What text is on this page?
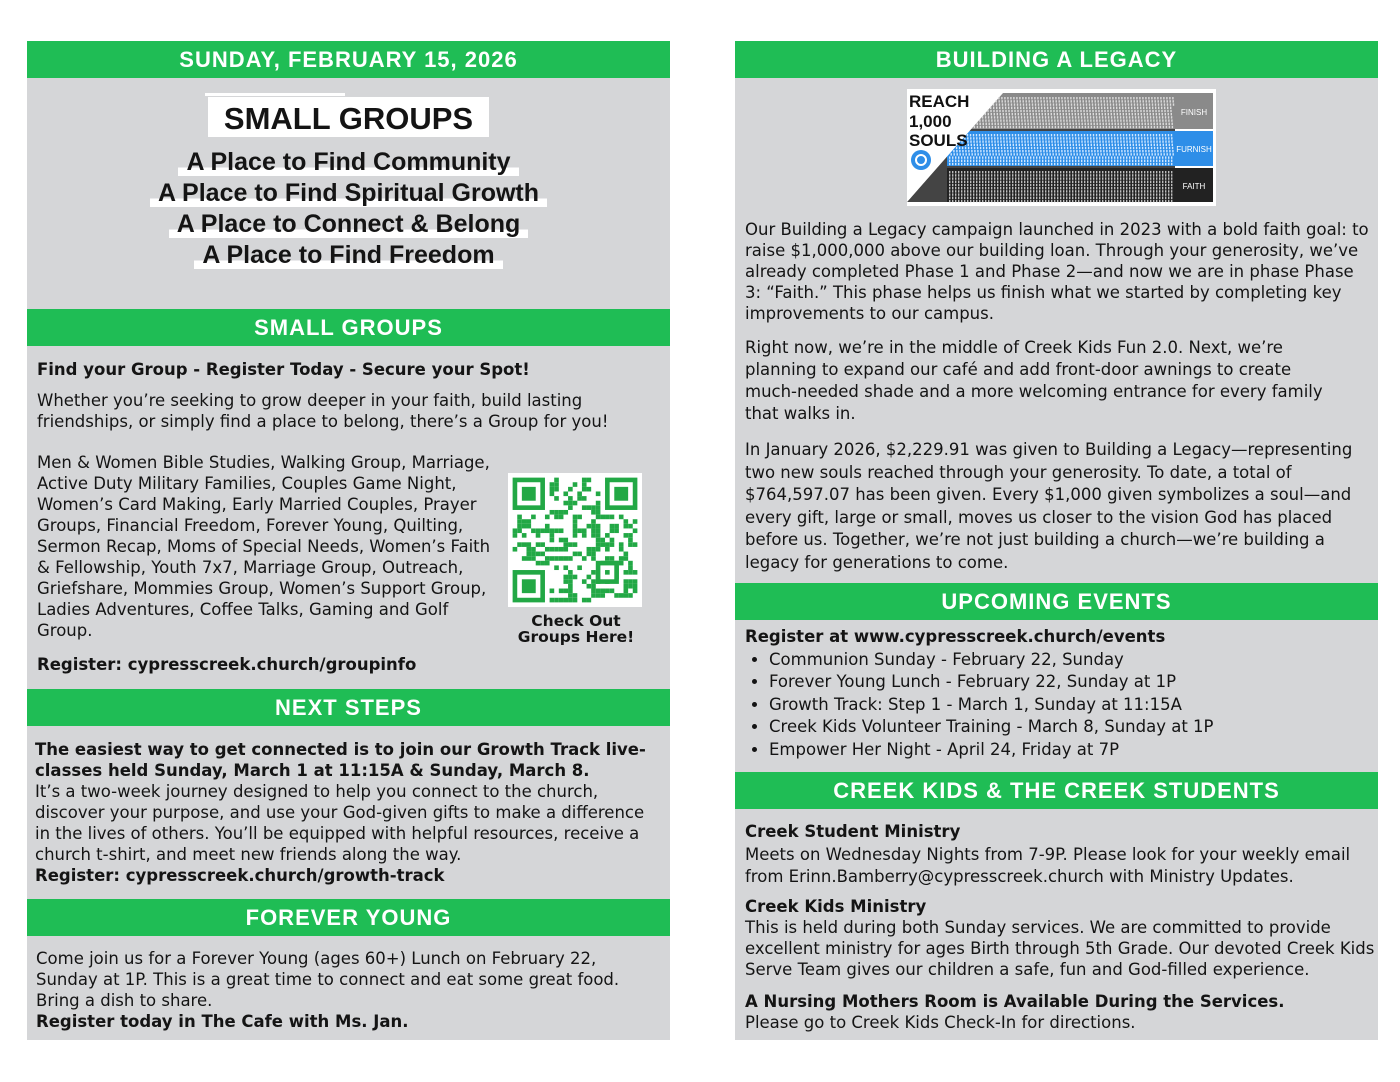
SUNDAY, FEBRUARY 15, 2026
SMALL GROUPS
A Place to Find Community
A Place to Find Spiritual Growth
A Place to Connect & Belong
A Place to Find Freedom
SMALL GROUPS
Find your Group - Register Today - Secure your Spot!
Whether you’re seeking to grow deeper in your faith, build lasting friendships, or simply find a place to belong, there’s a Group for you!
Men & Women Bible Studies, Walking Group, Marriage, Active Duty Military Families, Couples Game Night, Women’s Card Making, Early Married Couples, Prayer Groups, Financial Freedom, Forever Young, Quilting, Sermon Recap, Moms of Special Needs, Women’s Faith & Fellowship, Youth 7x7, Marriage Group, Outreach, Griefshare, Mommies Group, Women’s Support Group, Ladies Adventures, Coffee Talks, Gaming and Golf Group.	Check Out
Groups Here!
Register: cypresscreek.church/groupinfo
NEXT STEPS

The easiest way to get connected is to join our Growth Track live-classes held Sunday, March 1 at 11:15A & Sunday, March 8.

It’s a two-week journey designed to help you connect to the church, discover your purpose, and use your God-given gifts to make a difference in the lives of others. You’ll be equipped with helpful resources, receive a church t-shirt, and meet new friends along the way.

Register: cypresscreek.church/growth-track

FOREVER YOUNG

Come join us for a Forever Young (ages 60+) Lunch on February 22, Sunday at 1P. This is a great time to connect and eat some great food. Bring a dish to share.

Register today in The Cafe with Ms. Jan.

BUILDING A LEGACY
FINISH
FURNISH
FAITH
REACH
1,000
SOULS
Our Building a Legacy campaign launched in 2023 with a bold faith goal: to raise $1,000,000 above our building loan. Through your generosity, we’ve already completed Phase 1 and Phase 2—and now we are in phase Phase 3: “Faith.” This phase helps us finish what we started by completing key improvements to our campus.
Right now, we’re in the middle of Creek Kids Fun 2.0. Next, we’re planning to expand our café and add front-door awnings to create much-needed shade and a more welcoming entrance for every family that walks in.
In January 2026, $2,229.91 was given to Building a Legacy—representing two new souls reached through your generosity. To date, a total of $764,597.07 has been given. Every $1,000 given symbolizes a soul—and every gift, large or small, moves us closer to the vision God has placed before us. Together, we’re not just building a church—we’re building a legacy for generations to come.
UPCOMING EVENTS

Register at www.cypresscreek.church/events

• Communion Sunday - February 22, Sunday
• Forever Young Lunch - February 22, Sunday at 1P
• Growth Track: Step 1 - March 1, Sunday at 11:15A
• Creek Kids Volunteer Training - March 8, Sunday at 1P
• Empower Her Night - April 24, Friday at 7P
CREEK KIDS & THE CREEK STUDENTS

Creek Student Ministry

Meets on Wednesday Nights from 7-9P. Please look for your weekly email from Erinn.Bamberry@cypresscreek.church with Ministry Updates.

Creek Kids Ministry

This is held during both Sunday services. We are committed to provide excellent ministry for ages Birth through 5th Grade. Our devoted Creek Kids Serve Team gives our children a safe, fun and God-filled experience.

A Nursing Mothers Room is Available During the Services.

Please go to Creek Kids Check-In for directions.
